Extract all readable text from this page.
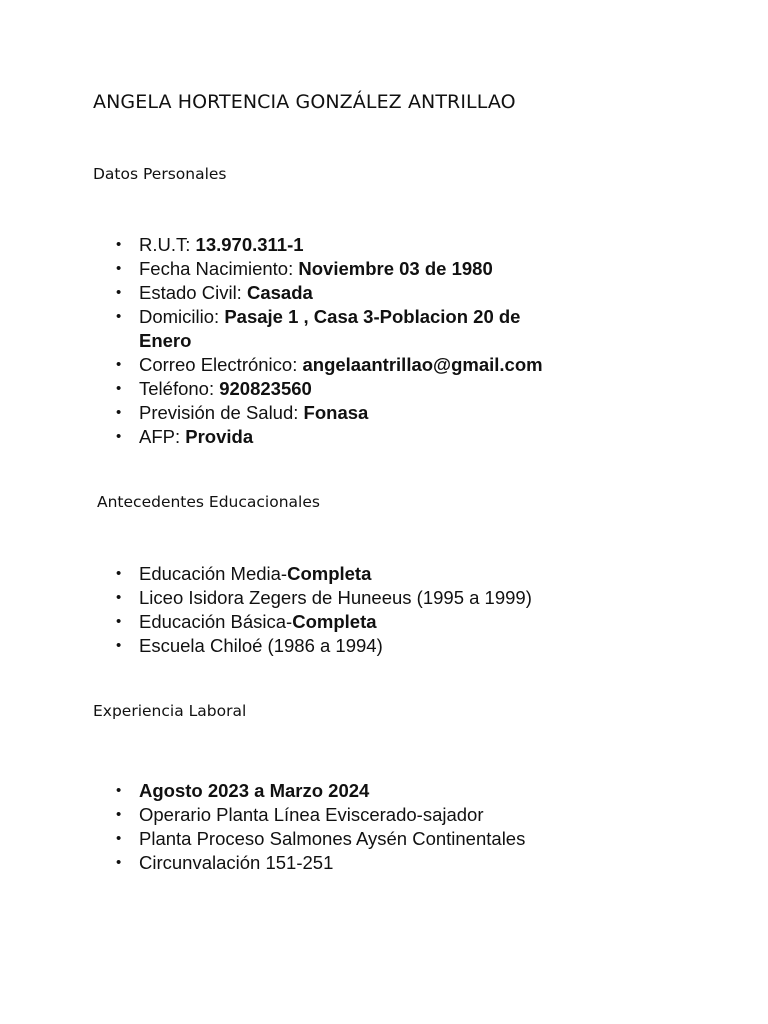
ANGELA HORTENCIA GONZÁLEZ ANTRILLAO
Datos Personales
• R.U.T: 13.970.311-1
• Fecha Nacimiento: Noviembre 03 de 1980
• Estado Civil: Casada
• Domicilio: Pasaje 1 , Casa 3-Poblacion 20 de Enero
• Correo Electrónico: angelaantrillao@gmail.com
• Teléfono: 920823560
• Previsión de Salud: Fonasa
• AFP: Provida
Antecedentes Educacionales
• Educación Media-Completa
• Liceo Isidora Zegers de Huneeus (1995 a 1999)
• Educación Básica-Completa
• Escuela Chiloé (1986 a 1994)
Experiencia Laboral
• Agosto 2023 a Marzo 2024
• Operario Planta Línea Eviscerado-sajador
• Planta Proceso Salmones Aysén Continentales
• Circunvalación 151-251
